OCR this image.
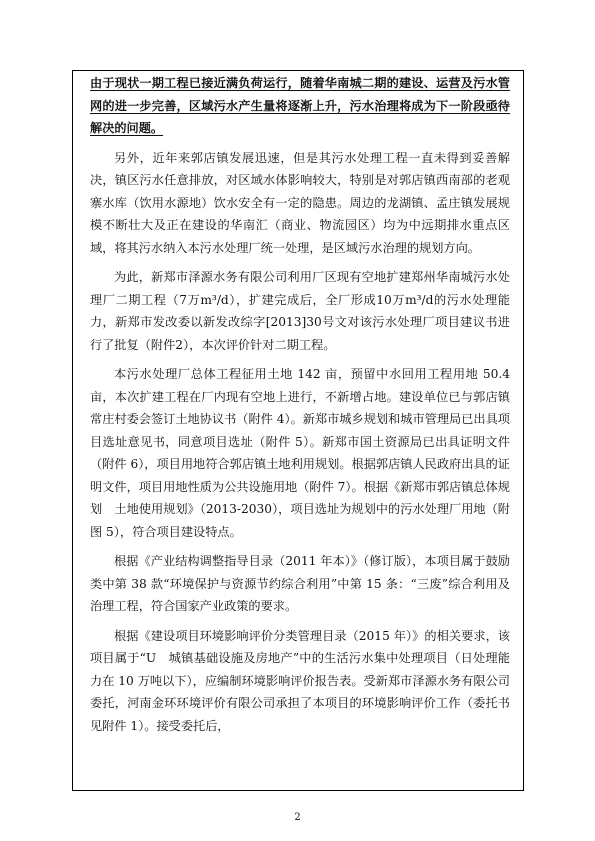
由于现状一期工程已接近满负荷运行，随着华南城二期的建设、运营及污水管网的进一步完善，区域污水产生量将逐渐上升，污水治理将成为下一阶段亟待解决的问题。

另外，近年来郭店镇发展迅速，但是其污水处理工程一直未得到妥善解决，镇区污水任意排放，对区域水体影响较大，特别是对郭店镇西南部的老观寨水库（饮用水源地）饮水安全有一定的隐患。周边的龙湖镇、孟庄镇发展规模不断壮大及正在建设的华南汇（商业、物流园区）均为中远期排水重点区域，将其污水纳入本污水处理厂统一处理，是区域污水治理的规划方向。

为此，新郑市泽源水务有限公司利用厂区现有空地扩建郑州华南城污水处理厂二期工程（7万m³/d），扩建完成后，全厂形成10万m³/d的污水处理能力，新郑市发改委以新发改综字[2013]30号文对该污水处理厂项目建议书进行了批复（附件2），本次评价针对二期工程。

本污水处理厂总体工程征用土地 142 亩，预留中水回用工程用地 50.4 亩，本次扩建工程在厂内现有空地上进行，不新增占地。建设单位已与郭店镇常庄村委会签订土地协议书（附件 4）。新郑市城乡规划和城市管理局已出具项目选址意见书，同意项目选址（附件 5）。新郑市国土资源局已出具证明文件（附件 6），项目用地符合郭店镇土地利用规划。根据郭店镇人民政府出具的证明文件，项目用地性质为公共设施用地（附件 7）。根据《新郑市郭店镇总体规划　土地使用规划》（2013-2030），项目选址为规划中的污水处理厂用地（附图 5），符合项目建设特点。

根据《产业结构调整指导目录（2011 年本）》（修订版），本项目属于鼓励类中第 38 款“环境保护与资源节约综合利用”中第 15 条：“三废”综合利用及治理工程，符合国家产业政策的要求。

根据《建设项目环境影响评价分类管理目录（2015 年）》的相关要求，该项目属于“U　城镇基础设施及房地产”中的生活污水集中处理项目（日处理能力在 10 万吨以下），应编制环境影响评价报告表。受新郑市泽源水务有限公司委托，河南金环环境评价有限公司承担了本项目的环境影响评价工作（委托书见附件 1）。接受委托后，

2
